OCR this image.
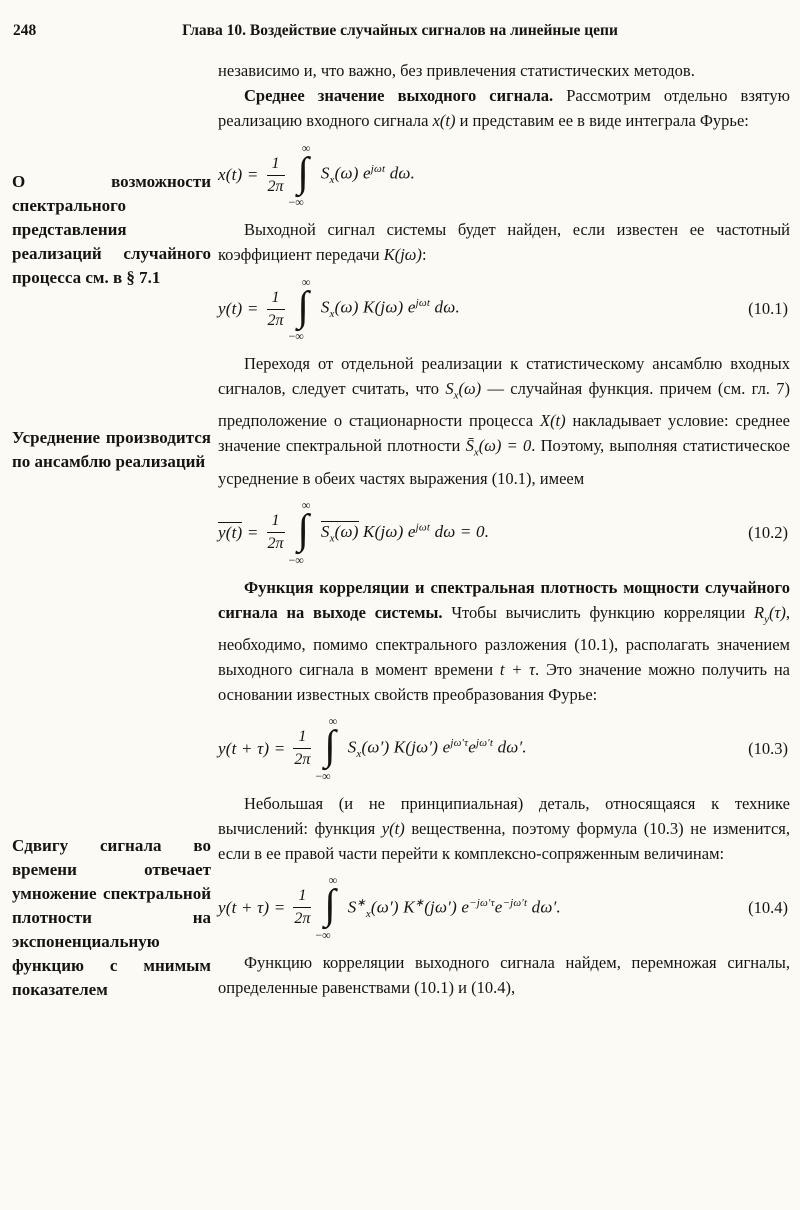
248	Глава 10. Воздействие случайных сигналов на линейные цепи
О возможности спектрального представления реализаций случайного процесса см. в § 7.1
Усреднение производится по ансамблю реализаций
Сдвигу сигнала во времени отвечает умножение спектральной плотности на экспоненциальную функцию с мнимым показателем

независимо и, что важно, без привлечения статистических методов.

Среднее значение выходного сигнала. Рассмотрим отдельно взятую реализацию входного сигнала x(t) и представим ее в виде интеграла Фурье:

$x(t) = \frac{1}{2\pi}$
∞
∫
−∞
$S_x(\omega)$ $e^{j\omega t}$ dω.

Выходной сигнал системы будет найден, если известен ее частотный коэффициент передачи K(jω):

$y(t) = \frac{1}{2\pi}$
∞
∫
−∞
$S_x(\omega)$ K(jω) $e^{j\omega t}$ dω.	(10.1)

Переходя от отдельной реализации к статистическому ансамблю входных сигналов, следует считать, что $S_x(\omega)$ — случайная функция. причем (см. гл. 7) предположение о стационарности процесса X(t) накладывает условие: среднее значение спектральной плотности $S̄_x(\omega) = 0$. Поэтому, выполняя статистическое усреднение в обеих частях выражения (10.1), имеем

$y(t) = \frac{1}{2\pi}$
∞
∫
−∞
$S_x(\omega)$ K(jω) $e^{j\omega t}$ dω = 0.	(10.2)

Функция корреляции и спектральная плотность мощности случайного сигнала на выходе системы. Чтобы вычислить функцию корреляции $R_y(\tau)$, необходимо, помимо спектрального разложения (10.1), располагать значением выходного сигнала в момент времени t + τ. Это значение можно получить на основании известных свойств преобразования Фурье:

$y(t + \tau) = \frac{1}{2\pi}$
∞
∫
−∞
$S_x(\omega')$ K(jω′) $e^{j\omega'\tau}e^{j\omega't}$ dω′.	(10.3)

Небольшая (и не принципиальная) деталь, относящаяся к технике вычислений: функция y(t) вещественна, поэтому формула (10.3) не изменится, если в ее правой части перейти к комплексно-сопряженным величинам:

$y(t + \tau) = \frac{1}{2\pi}$
∞
∫
−∞
$S^∗_x(\omega')$ K∗(jω′) $e^{-j\omega'\tau}e^{-j\omega't}$ dω′.	(10.4)

Функцию корреляции выходного сигнала найдем, перемножая сигналы, определенные равенствами (10.1) и (10.4),
